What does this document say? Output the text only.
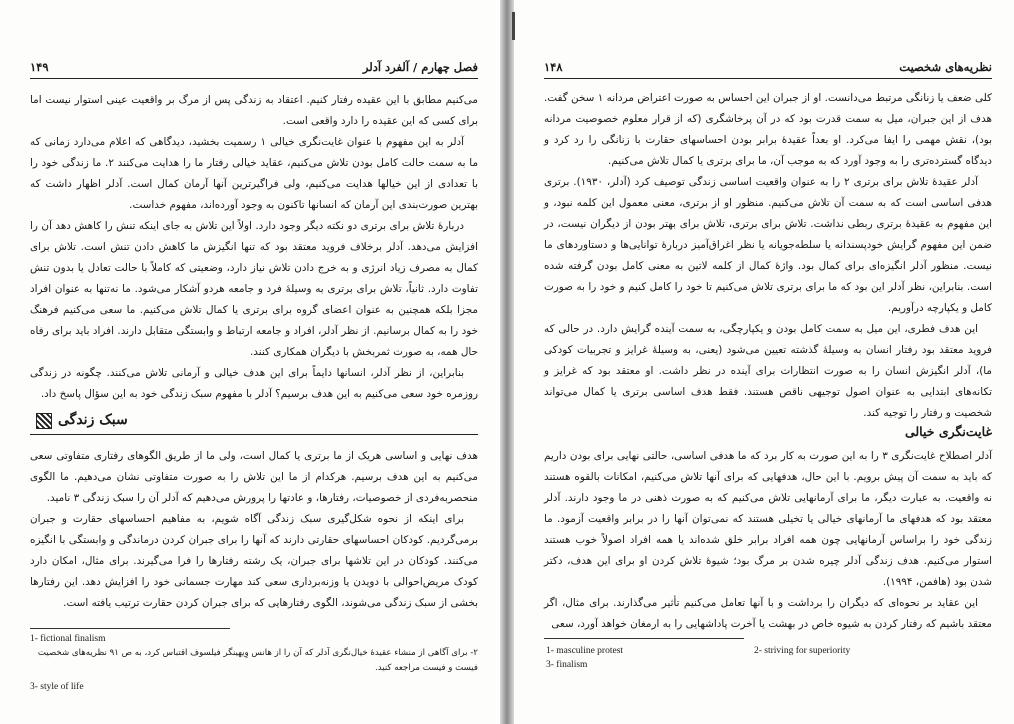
۱۴۹	فصل چهارم / آلفرد آدلر

می‌کنیم مطابق با این عقیده رفتار کنیم. اعتقاد به زندگی پس از مرگ بر واقعیت عینی استوار نیست اما برای کسی که این عقیده را دارد واقعی است.

آدلر به این مفهوم با عنوان غایت‌نگری خیالی ۱ رسمیت بخشید، دیدگاهی که اعلام می‌دارد زمانی که ما به سمت حالت کامل بودن تلاش می‌کنیم، عقاید خیالی رفتار ما را هدایت می‌کنند ۲. ما زندگی خود را با تعدادی از این خیالها هدایت می‌کنیم، ولی فراگیرترین آنها آرمان کمال است. آدلر اظهار داشت که بهترین صورت‌بندی این آرمان که انسانها تاکنون به وجود آورده‌اند، مفهوم خداست.

دربارهٔ تلاش برای برتری دو نکته دیگر وجود دارد. اولاً این تلاش به جای اینکه تنش را کاهش دهد آن را افزایش می‌دهد. آدلر برخلاف فروید معتقد بود که تنها انگیزش ما کاهش دادن تنش است. تلاش برای کمال به مصرف زیاد انرژی و به خرج دادن تلاش نیاز دارد، وضعیتی که کاملاً با حالت تعادل یا بدون تنش تفاوت دارد. ثانیاً، تلاش برای برتری به وسیلهٔ فرد و جامعه هردو آشکار می‌شود. ما نه‌تنها به عنوان افراد مجزا بلکه همچنین به عنوان اعضای گروه برای برتری یا کمال تلاش می‌کنیم. ما سعی می‌کنیم فرهنگ خود را به کمال برسانیم. از نظر آدلر، افراد و جامعه ارتباط و وابستگی متقابل دارند. افراد باید برای رفاه حال همه، به صورت ثمربخش با دیگران همکاری کنند.

بنابراین، از نظر آدلر، انسانها دایماً برای این هدف خیالی و آرمانی تلاش می‌کنند. چگونه در زندگی روزمره خود سعی می‌کنیم به این هدف برسیم؟ آدلر با مفهوم سبک زندگی خود به این سؤال پاسخ داد.

سبک زندگی

هدف نهایی و اساسی هریک از ما برتری یا کمال است، ولی ما از طریق الگوهای رفتاری متفاوتی سعی می‌کنیم به این هدف برسیم. هرکدام از ما این تلاش را به صورت متفاوتی نشان می‌دهیم. ما الگوی منحصربه‌فردی از خصوصیات، رفتارها، و عادتها را پرورش می‌دهیم که آدلر آن را سبک زندگی ۳ نامید.

برای اینکه از نحوه شکل‌گیری سبک زندگی آگاه شویم، به مفاهیم احساسهای حقارت و جبران برمی‌گردیم. کودکان احساسهای حقارتی دارند که آنها را برای جبران کردن درماندگی و وابستگی با انگیزه می‌کنند. کودکان در این تلاشها برای جبران، یک رشته رفتارها را فرا می‌گیرند. برای مثال، امکان دارد کودک مریض‌احوالی با دویدن یا وزنه‌برداری سعی کند مهارت جسمانی خود را افزایش دهد. این رفتارها بخشی از سبک زندگی می‌شوند، الگوی رفتارهایی که برای جبران کردن حقارت ترتیب یافته است.

1- fictional finalism
۲- برای آگاهی از منشاء عقیدهٔ خیال‌نگری آدلر که آن را از هانس وِیهینگر فیلسوف اقتباس کرد، به ص ۹۱ نظریه‌های شخصیت فیست و فیست مراجعه کنید.
3- style of life
۱۴۸	نظریه‌های شخصیت

کلی ضعف یا زنانگی مرتبط می‌دانست. او از جبران این احساس به صورت اعتراض مردانه ۱ سخن گفت. هدف از این جبران، میل به سمت قدرت بود که در آن پرخاشگری (که از قرار معلوم خصوصیت مردانه بود)، نقش مهمی را ایفا می‌کرد. او بعداً عقیدهٔ برابر بودن احساسهای حقارت با زنانگی را رد کرد و دیدگاه گسترده‌تری را به وجود آورد که به موجب آن، ما برای برتری یا کمال تلاش می‌کنیم.

آدلر عقیدهٔ تلاش برای برتری ۲ را به عنوان واقعیت اساسی زندگی توصیف کرد (آدلر، ۱۹۳۰). برتری هدفی اساسی است که به سمت آن تلاش می‌کنیم. منظور او از برتری، معنی معمول این کلمه نبود، و این مفهوم به عقیدهٔ برتری ربطی نداشت. تلاش برای برتری، تلاش برای بهتر بودن از دیگران نیست، در ضمن این مفهوم گرایش خودپسندانه یا سلطه‌جویانه یا نظر اغراق‌آمیز دربارهٔ توانایی‌ها و دستاوردهای ما نیست. منظور آدلر انگیزه‌ای برای کمال بود. واژهٔ کمال از کلمه لاتین به معنی کامل بودن گرفته شده است. بنابراین، نظر آدلر این بود که ما برای برتری تلاش می‌کنیم تا خود را کامل کنیم و خود را به صورت کامل و یکپارچه درآوریم.

این هدف فطری، این میل به سمت کامل بودن و یکپارچگی، به سمت آینده گرایش دارد. در حالی که فروید معتقد بود رفتار انسان به وسیلهٔ گذشته تعیین می‌شود (یعنی، به وسیلهٔ غرایز و تجربیات کودکی ما)، آدلر انگیزش انسان را به صورت انتظارات برای آینده در نظر داشت. او معتقد بود که غرایز و تکانه‌های ابتدایی به عنوان اصول توجیهی ناقص هستند. فقط هدف اساسی برتری یا کمال می‌تواند شخصیت و رفتار را توجیه کند.

غایت‌نگری خیالی

آدلر اصطلاح غایت‌نگری ۳ را به این صورت به کار برد که ما هدفی اساسی، حالتی نهایی برای بودن داریم که باید به سمت آن پیش برویم. با این حال، هدفهایی که برای آنها تلاش می‌کنیم، امکانات بالقوه هستند نه واقعیت. به عبارت دیگر، ما برای آرمانهایی تلاش می‌کنیم که به صورت ذهنی در ما وجود دارند. آدلر معتقد بود که هدفهای ما آرمانهای خیالی یا تخیلی هستند که نمی‌توان آنها را در برابر واقعیت آزمود. ما زندگی خود را براساس آرمانهایی چون همه افراد برابر خلق شده‌اند یا همه افراد اصولاً خوب هستند استوار می‌کنیم. هدف زندگی آدلر چیره شدن بر مرگ بود؛ شیوهٔ تلاش کردن او برای این هدف، دکتر شدن بود (هافمن، ۱۹۹۴).

این عقاید بر نحوه‌ای که دیگران را برداشت و با آنها تعامل می‌کنیم تأثیر می‌گذارند. برای مثال، اگر معتقد باشیم که رفتار کردن به شیوه خاص در بهشت یا آخرت پاداشهایی را به ارمغان خواهد آورد، سعی

1- masculine protest	2- striving for superiority
3- finalism
